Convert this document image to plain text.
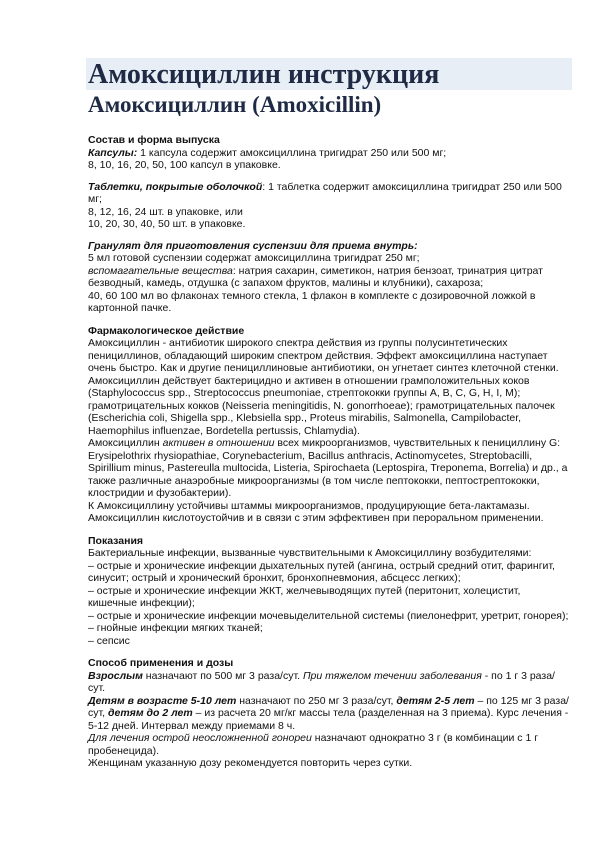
Амоксициллин инструкция
Амоксициллин (Amoxicillin)
Состав и форма выпуска

Капсулы: 1 капсула содержит амоксициллина тригидрат 250 или 500 мг;

8, 10, 16, 20, 50, 100 капсул в упаковке.

Таблетки, покрытые оболочкой: 1 таблетка содержит амоксициллина тригидрат 250 или 500 мг;

8, 12, 16, 24 шт. в упаковке, или

10, 20, 30, 40, 50 шт. в упаковке.

Гранулят для приготовления суспензии для приема внутрь:

5 мл готовой суспензии содержат амоксициллина тригидрат 250 мг;

вспомагательные вещества: натрия сахарин, симетикон, натрия бензоат, тринатрия цитрат безводный, камедь, отдушка (с запахом фруктов, малины и клубники), сахароза;

40, 60 100 мл во флаконах темного стекла, 1 флакон в комплекте с дозировочной ложкой в картонной пачке.

Фармакологическое действие

Амоксициллин - антибиотик широкого спектра действия из группы полусинтетических пенициллинов, обладающий широким спектром действия. Эффект амоксициллина наступает очень быстро. Как и другие пенициллиновые антибиотики, он угнетает синтез клеточной стенки.

Амоксициллин действует бактерицидно и активен в отношении грамположительных коков (Staphylococcus spp., Streptococcus pneumoniae, стрептококки группы A, B, C, G, H, I, M); грамотрицательных кокков (Neisseria meningitidis, N. gonorrhoeae); грамотрицательных палочек (Escherichia coli, Shigella spp., Klebsiella spp., Proteus mirabilis, Salmonella, Campilobacter, Haemophilus influenzae, Bordetella pertussis, Chlamydia).

Амоксициллин активен в отношении всех микроорганизмов, чувствительных к пенициллину G: Erysipelothrix rhysiopathiae, Corynebacterium, Bacillus anthracis, Actinomycetes, Streptobacilli, Spirillium minus, Pastereulla multocida, Listeria, Spirochaeta (Leptospira, Treponema, Borrelia) и др., а также различные анаэробные микроорганизмы (в том числе пептококки, пептострептококки, клостридии и фузобактерии).

К Амоксициллину устойчивы штаммы микроорганизмов, продуцирующие бета-лактамазы.

Амоксициллин кислотоустойчив и в связи с этим эффективен при пероральном применении.

Показания

Бактериальные инфекции, вызванные чувствительными к Амоксициллину возбудителями:

– острые и хронические инфекции дыхательных путей (ангина, острый средний отит, фарингит, синусит; острый и хронический бронхит, бронхопневмония, абсцесс легких);

– острые и хронические инфекции ЖКТ, желчевыводящих путей (перитонит, холецистит, кишечные инфекции);

– острые и хронические инфекции мочевыделительной системы (пиелонефрит, уретрит, гонорея);

– гнойные инфекции мягких тканей;

– сепсис

Способ применения и дозы

Взрослым назначают по 500 мг 3 раза/сут. При тяжелом течении заболевания - по 1 г 3 раза/сут.

Детям в возрасте 5-10 лет назначают по 250 мг 3 раза/сут, детям 2-5 лет – по 125 мг 3 раза/сут, детям до 2 лет – из расчета 20 мг/кг массы тела (разделенная на 3 приема). Курс лечения - 5-12 дней. Интервал между приемами 8 ч.

Для лечения острой неосложненной гонореи назначают однократно 3 г (в комбинации с 1 г пробенецида).

Женщинам указанную дозу рекомендуется повторить через сутки.
